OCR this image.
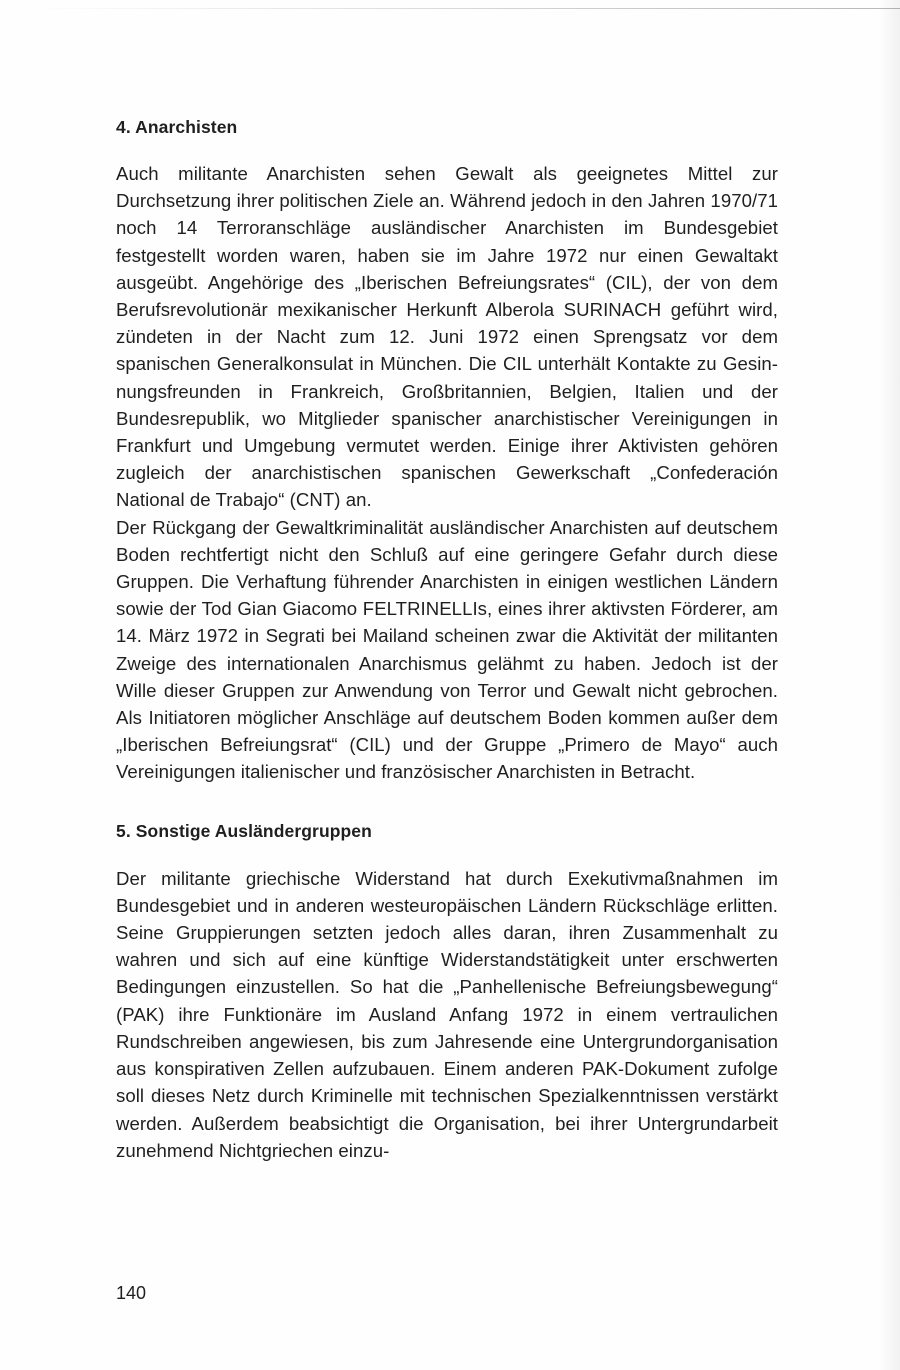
4. Anarchisten

Auch militante Anarchisten sehen Gewalt als geeignetes Mittel zur Durchsetzung ihrer politischen Ziele an. Während jedoch in den Jahren 1970/71 noch 14 Terroranschläge ausländischer Anarchisten im Bundesgebiet festgestellt worden waren, haben sie im Jahre 1972 nur einen Gewaltakt ausgeübt. Angehörige des „Iberischen Befreiungsrates“ (CIL), der von dem Berufsrevolutionär mexikanischer Herkunft Alberola SURINACH geführt wird, zündeten in der Nacht zum 12. Juni 1972 einen Sprengsatz vor dem spanischen Generalkonsulat in München. Die CIL unterhält Kontakte zu Gesinnungsfreunden in Frankreich, Großbritannien, Belgien, Italien und der Bundesrepublik, wo Mitglieder spanischer anarchistischer Vereinigungen in Frankfurt und Umgebung vermutet werden. Einige ihrer Aktivisten gehören zugleich der anarchistischen spanischen Gewerkschaft „Confederación National de Trabajo“ (CNT) an.

Der Rückgang der Gewaltkriminalität ausländischer Anarchisten auf deutschem Boden rechtfertigt nicht den Schluß auf eine geringere Gefahr durch diese Gruppen. Die Verhaftung führender Anarchisten in einigen westlichen Ländern sowie der Tod Gian Giacomo FELTRINELLIs, eines ihrer aktivsten Förderer, am 14. März 1972 in Segrati bei Mailand scheinen zwar die Aktivität der militanten Zweige des internationalen Anarchismus gelähmt zu haben. Jedoch ist der Wille dieser Gruppen zur Anwendung von Terror und Gewalt nicht gebrochen. Als Initiatoren möglicher Anschläge auf deutschem Boden kommen außer dem „Iberischen Befreiungsrat“ (CIL) und der Gruppe „Primero de Mayo“ auch Vereinigungen italienischer und französischer Anarchisten in Betracht.

5. Sonstige Ausländergruppen

Der militante griechische Widerstand hat durch Exekutivmaßnahmen im Bundesgebiet und in anderen westeuropäischen Ländern Rückschläge erlitten. Seine Gruppierungen setzten jedoch alles daran, ihren Zusammenhalt zu wahren und sich auf eine künftige Widerstandstätigkeit unter erschwerten Bedingungen einzustellen. So hat die „Panhellenische Befreiungsbewegung“ (PAK) ihre Funktionäre im Ausland Anfang 1972 in einem vertraulichen Rundschreiben angewiesen, bis zum Jahresende eine Untergrundorganisation aus konspirativen Zellen aufzubauen. Einem anderen PAK-Dokument zufolge soll dieses Netz durch Kriminelle mit technischen Spezialkenntnissen verstärkt werden. Außerdem beabsichtigt die Organisation, bei ihrer Untergrundarbeit zunehmend Nichtgriechen einzu-

140
